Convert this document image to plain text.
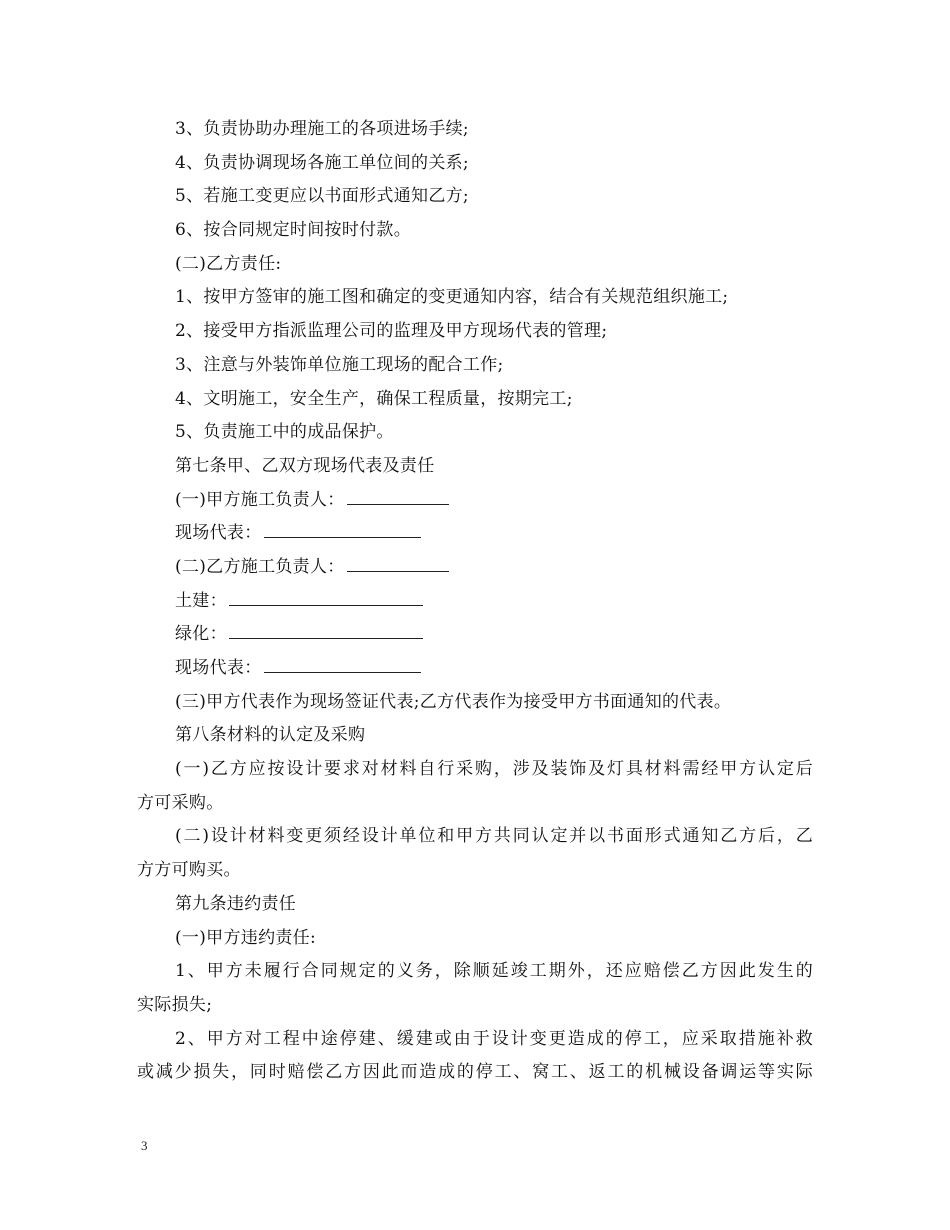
3、负责协助办理施工的各项进场手续;
4、负责协调现场各施工单位间的关系;
5、若施工变更应以书面形式通知乙方;
6、按合同规定时间按时付款。
(二)乙方责任:
1、按甲方签审的施工图和确定的变更通知内容，结合有关规范组织施工;
2、接受甲方指派监理公司的监理及甲方现场代表的管理;
3、注意与外装饰单位施工现场的配合工作;
4、文明施工，安全生产，确保工程质量，按期完工;
5、负责施工中的成品保护。
第七条甲、乙双方现场代表及责任
(一)甲方施工负责人：
现场代表：
(二)乙方施工负责人：
土建：
绿化：
现场代表：
(三)甲方代表作为现场签证代表;乙方代表作为接受甲方书面通知的代表。
第八条材料的认定及采购
(一)乙方应按设计要求对材料自行采购，涉及装饰及灯具材料需经甲方认定后
方可采购。
(二)设计材料变更须经设计单位和甲方共同认定并以书面形式通知乙方后，乙
方方可购买。
第九条违约责任
(一)甲方违约责任:
1、甲方未履行合同规定的义务，除顺延竣工期外，还应赔偿乙方因此发生的
实际损失;
2、甲方对工程中途停建、缓建或由于设计变更造成的停工，应采取措施补救
或减少损失，同时赔偿乙方因此而造成的停工、窝工、返工的机械设备调运等实际
3
